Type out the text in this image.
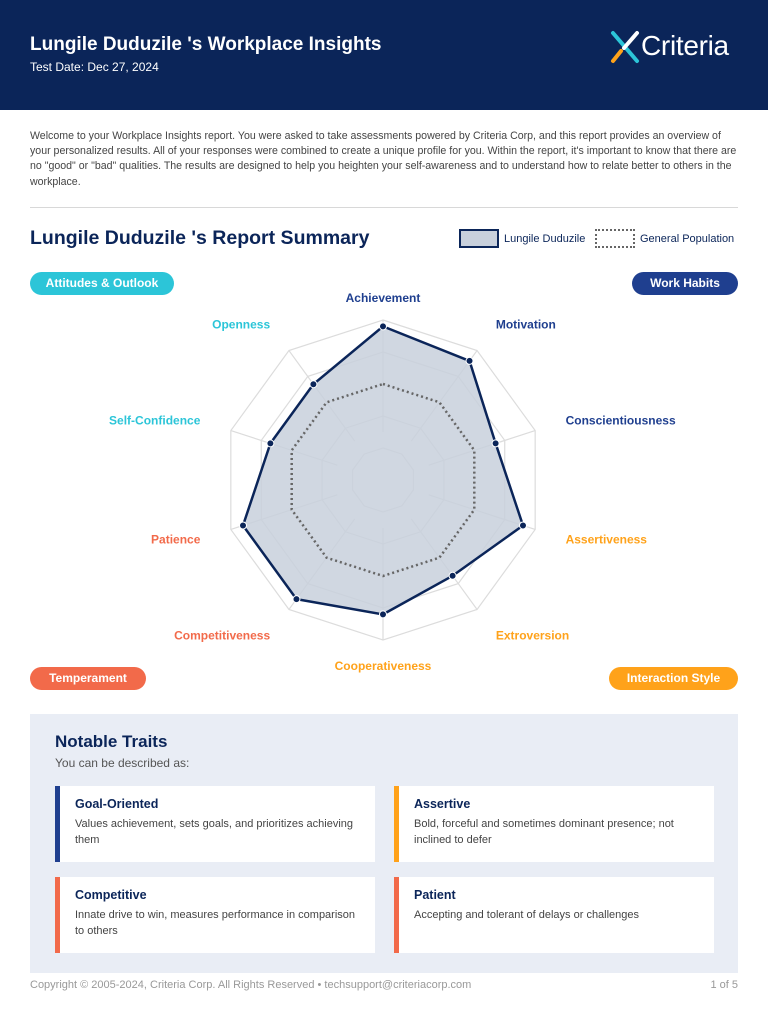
Lungile Duduzile 's Workplace Insights
Test Date: Dec 27, 2024
Criteria

Welcome to your Workplace Insights report. You were asked to take assessments powered by Criteria Corp, and this report provides an overview of your personalized results. All of your responses were combined to create a unique profile for you. Within the report, it's important to know that there are no "good" or "bad" qualities. The results are designed to help you heighten your self-awareness and to understand how to relate better to others in the workplace.

Lungile Duduzile 's Report Summary	Lungile Duduzile	General Population
Attitudes & Outlook	Work Habits
Temperament	Interaction Style
Achievement
Motivation
Conscientiousness
Assertiveness
Extroversion
Cooperativeness
Competitiveness
Patience
Self-Confidence
Openness
Notable Traits
You can be described as:
Goal-Oriented
Values achievement, sets goals, and prioritizes achieving them
Assertive
Bold, forceful and sometimes dominant presence; not inclined to defer
Competitive
Innate drive to win, measures performance in comparison to others
Patient
Accepting and tolerant of delays or challenges
Copyright © 2005-2024, Criteria Corp. All Rights Reserved • techsupport@criteriacorp.com	1 of 5
